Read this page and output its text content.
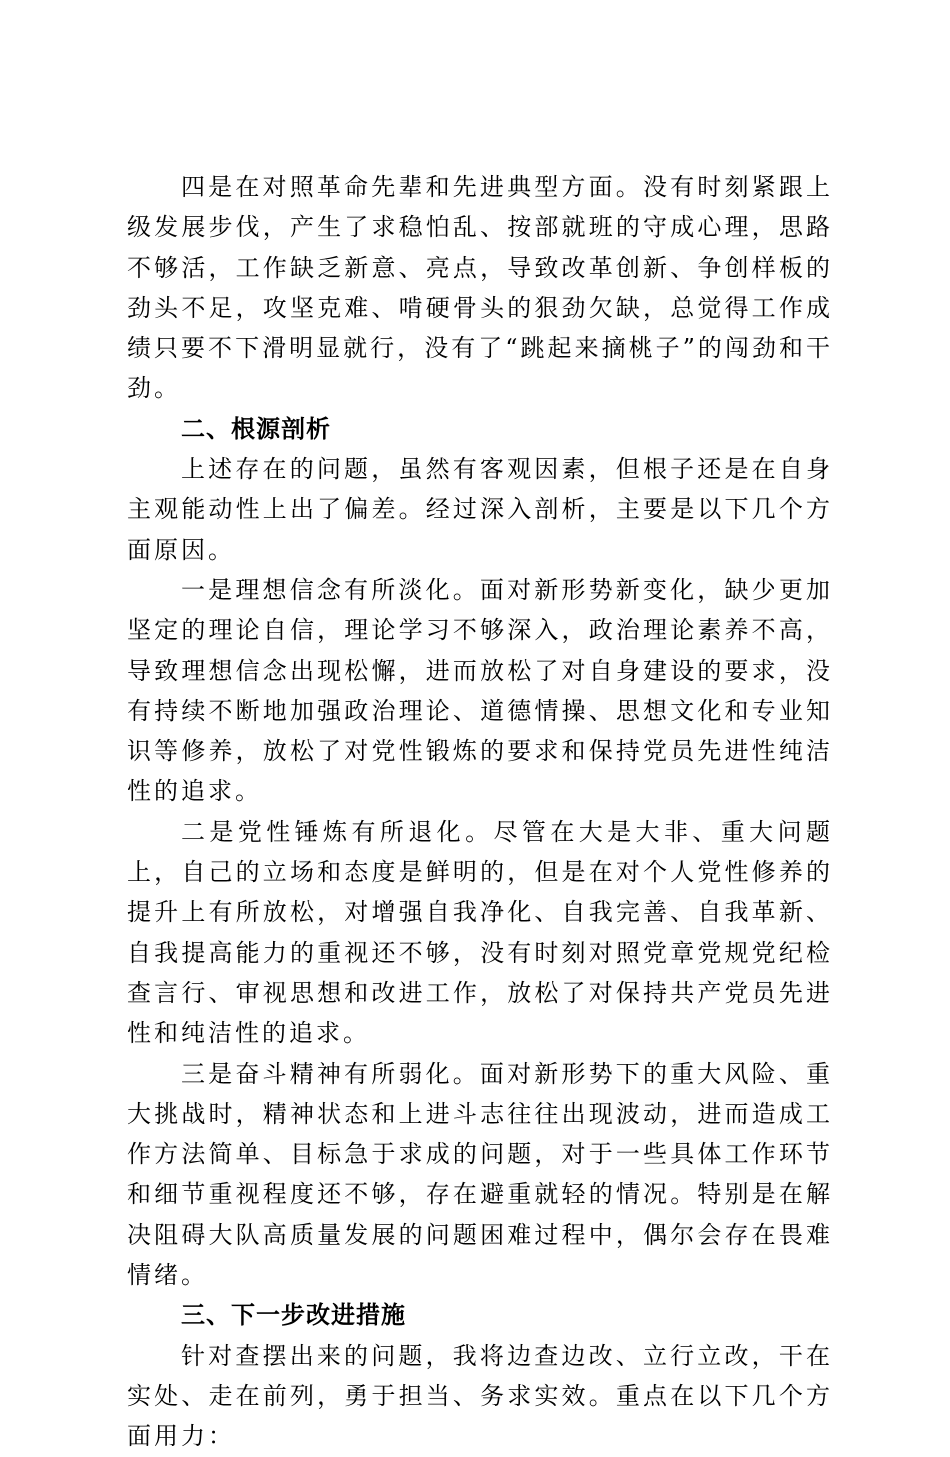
四是在对照革命先辈和先进典型方面。没有时刻紧跟上级发展步伐，产生了求稳怕乱、按部就班的守成心理，思路不够活，工作缺乏新意、亮点，导致改革创新、争创样板的劲头不足，攻坚克难、啃硬骨头的狠劲欠缺，总觉得工作成绩只要不下滑明显就行，没有了“跳起来摘桃子”的闯劲和干劲。

二、根源剖析

上述存在的问题，虽然有客观因素，但根子还是在自身主观能动性上出了偏差。经过深入剖析，主要是以下几个方面原因。

一是理想信念有所淡化。面对新形势新变化，缺少更加坚定的理论自信，理论学习不够深入，政治理论素养不高，导致理想信念出现松懈，进而放松了对自身建设的要求，没有持续不断地加强政治理论、道德情操、思想文化和专业知识等修养，放松了对党性锻炼的要求和保持党员先进性纯洁性的追求。

二是党性锤炼有所退化。尽管在大是大非、重大问题上，自己的立场和态度是鲜明的，但是在对个人党性修养的提升上有所放松，对增强自我净化、自我完善、自我革新、自我提高能力的重视还不够，没有时刻对照党章党规党纪检查言行、审视思想和改进工作，放松了对保持共产党员先进性和纯洁性的追求。

三是奋斗精神有所弱化。面对新形势下的重大风险、重大挑战时，精神状态和上进斗志往往出现波动，进而造成工作方法简单、目标急于求成的问题，对于一些具体工作环节和细节重视程度还不够，存在避重就轻的情况。特别是在解决阻碍大队高质量发展的问题困难过程中，偶尔会存在畏难情绪。

三、下一步改进措施

针对查摆出来的问题，我将边查边改、立行立改，干在实处、走在前列，勇于担当、务求实效。重点在以下几个方面用力：
